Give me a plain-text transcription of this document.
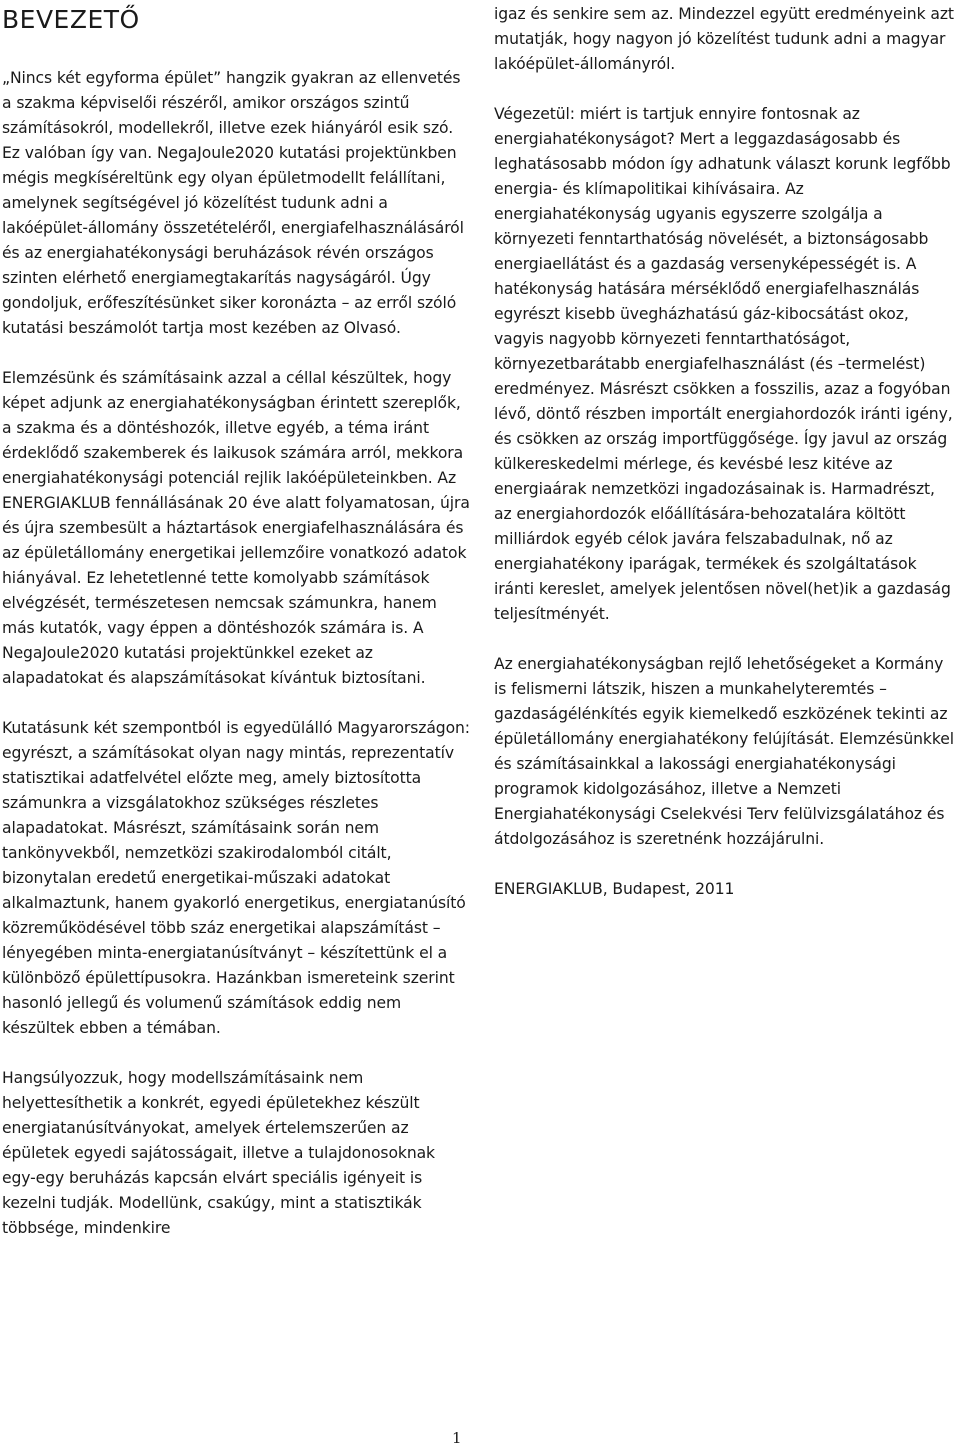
BEVEZETŐ

„Nincs két egyforma épület” hangzik gyakran az ellenvetés a szakma képviselői részéről, amikor országos szintű számításokról, modellekről, illetve ezek hiányáról esik szó. Ez valóban így van. NegaJoule2020 kutatási projektünkben mégis megkíséreltünk egy olyan épületmodellt felállítani, amelynek segítségével jó közelítést tudunk adni a lakóépület-állomány összetételéről, energiafelhasználásáról és az energiahatékonysági beruházások révén országos szinten elérhető energiamegtakarítás nagyságáról. Úgy gondoljuk, erőfeszítésünket siker koronázta – az erről szóló kutatási beszámolót tartja most kezében az Olvasó.

Elemzésünk és számításaink azzal a céllal készültek, hogy képet adjunk az energiahatékonyságban érintett szereplők, a szakma és a döntéshozók, illetve egyéb, a téma iránt érdeklődő szakemberek és laikusok számára arról, mekkora energiahatékonysági potenciál rejlik lakóépületeinkben. Az ENERGIAKLUB fennállásának 20 éve alatt folyamatosan, újra és újra szembesült a háztartások energiafelhasználására és az épületállomány energetikai jellemzőire vonatkozó adatok hiányával. Ez lehetetlenné tette komolyabb számítások elvégzését, természetesen nemcsak számunkra, hanem más kutatók, vagy éppen a döntéshozók számára is. A NegaJoule2020 kutatási projektünkkel ezeket az alapadatokat és alapszámításokat kívántuk biztosítani.

Kutatásunk két szempontból is egyedülálló Magyarországon: egyrészt, a számításokat olyan nagy mintás, reprezentatív statisztikai adatfelvétel előzte meg, amely biztosította számunkra a vizsgálatokhoz szükséges részletes alapadatokat. Másrészt, számításaink során nem tankönyvekből, nemzetközi szakirodalomból citált, bizonytalan eredetű energetikai-műszaki adatokat alkalmaztunk, hanem gyakorló energetikus, energiatanúsító közreműködésével több száz energetikai alapszámítást – lényegében minta-energiatanúsítványt – készítettünk el a különböző épülettípusokra. Hazánkban ismereteink szerint hasonló jellegű és volumenű számítások eddig nem készültek ebben a témában.

Hangsúlyozzuk, hogy modellszámításaink nem helyettesíthetik a konkrét, egyedi épületekhez készült energiatanúsítványokat, amelyek értelemszerűen az épületek egyedi sajátosságait, illetve a tulajdonosoknak egy-egy beruházás kapcsán elvárt speciális igényeit is kezelni tudják. Modellünk, csakúgy, mint a statisztikák többsége, mindenkire

igaz és senkire sem az. Mindezzel együtt eredményeink azt mutatják, hogy nagyon jó közelítést tudunk adni a magyar lakóépület-állományról.

Végezetül: miért is tartjuk ennyire fontosnak az energiahatékonyságot? Mert a leggazdaságosabb és leghatásosabb módon így adhatunk választ korunk legfőbb energia- és klímapolitikai kihívásaira. Az energiahatékonyság ugyanis egyszerre szolgálja a környezeti fenntarthatóság növelését, a biztonságosabb energiaellátást és a gazdaság versenyképességét is. A hatékonyság hatására mérséklődő energiafelhasználás egyrészt kisebb üvegházhatású gáz-kibocsátást okoz, vagyis nagyobb környezeti fenntarthatóságot, környezetbarátabb energiafelhasználást (és –termelést) eredményez. Másrészt csökken a fosszilis, azaz a fogyóban lévő, döntő részben importált energiahordozók iránti igény, és csökken az ország importfüggősége. Így javul az ország külkereskedelmi mérlege, és kevésbé lesz kitéve az energiaárak nemzetközi ingadozásainak is. Harmadrészt, az energiahordozók előállítására-behozatalára költött milliárdok egyéb célok javára felszabadulnak, nő az energiahatékony iparágak, termékek és szolgáltatások iránti kereslet, amelyek jelentősen növel(het)ik a gazdaság teljesítményét.

Az energiahatékonyságban rejlő lehetőségeket a Kormány is felismerni látszik, hiszen a munkahelyteremtés – gazdaságélénkítés egyik kiemelkedő eszközének tekinti az épületállomány energiahatékony felújítását. Elemzésünkkel és számításainkkal a lakossági energiahatékonysági programok kidolgozásához, illetve a Nemzeti Energiahatékonysági Cselekvési Terv felülvizsgálatához és átdolgozásához is szeretnénk hozzájárulni.

ENERGIAKLUB, Budapest, 2011

1
